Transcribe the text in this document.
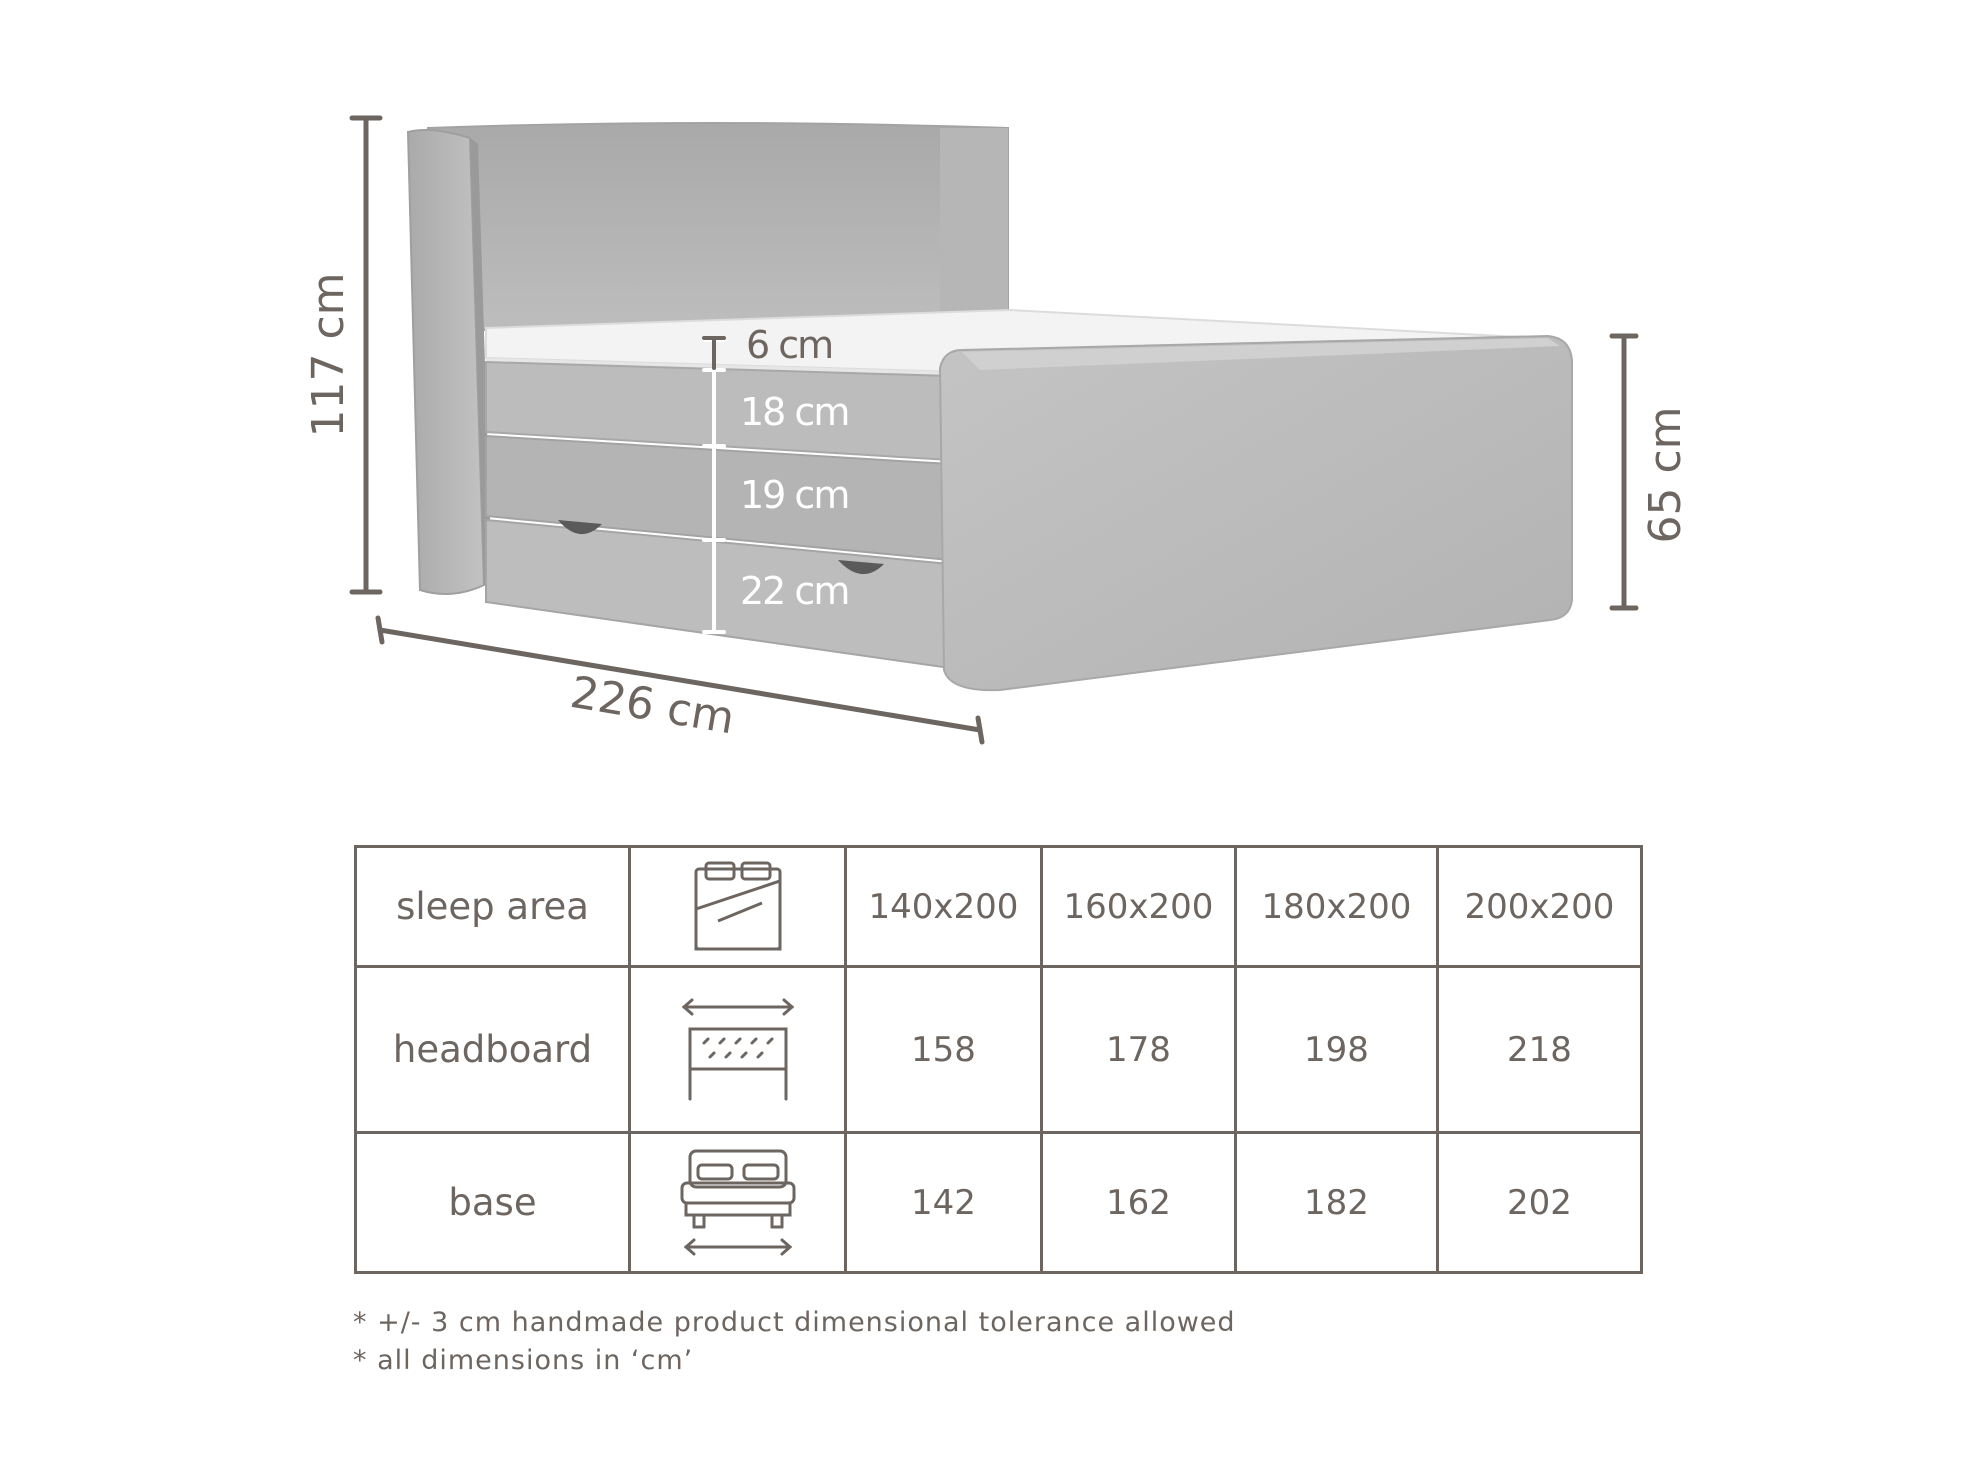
117 cm
65 cm
226 cm
6 cm
18 cm
19 cm
22 cm
sleep area		140x200	160x200	180x200	200x200
headboard		158	178	198	218
base		142	162	182	202
* +/- 3 cm handmade product dimensional tolerance allowed
* all dimensions in ‘cm’
